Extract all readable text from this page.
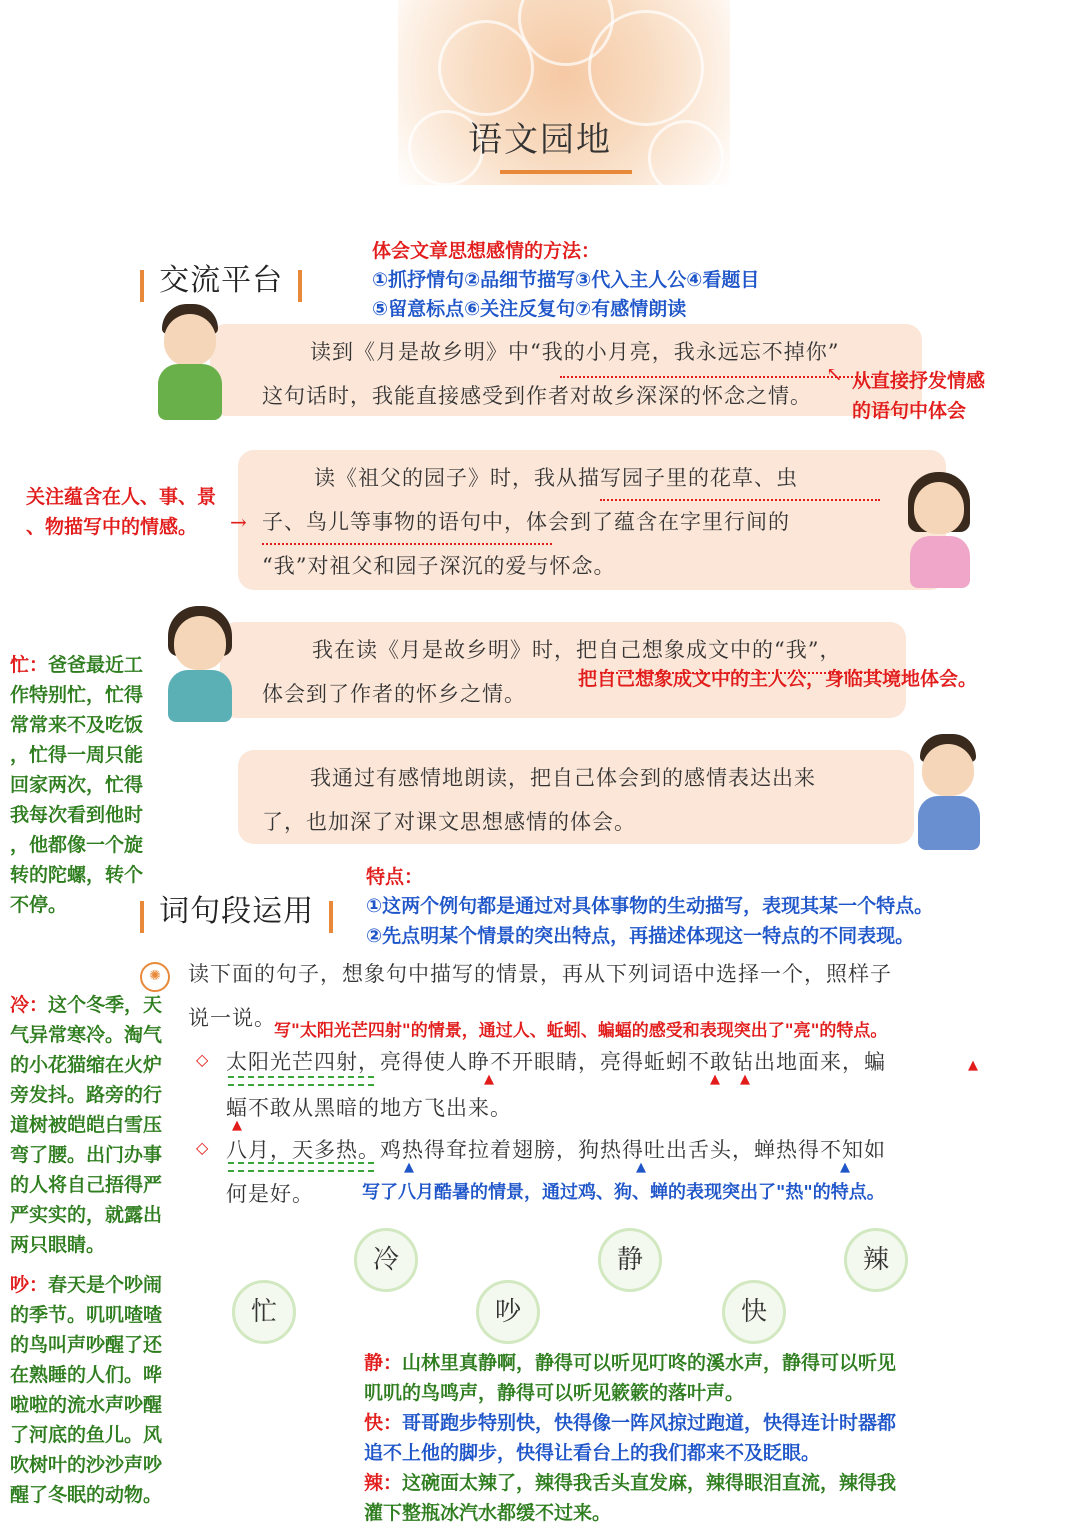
语文园地
交流平台
体会文章思想感情的方法：
①抓抒情句②品细节描写③代入主人公④看题目
⑤留意标点⑥关注反复句⑦有感情朗读
读到《月是故乡明》中“我的小月亮，我永远忘不掉你”
这句话时，我能直接感受到作者对故乡深深的怀念之情。
从直接抒发情感
的语句中体会
↖
读《祖父的园子》时，我从描写园子里的花草、虫
子、鸟儿等事物的语句中，体会到了蕴含在字里行间的
“我”对祖父和园子深沉的爱与怀念。
关注蕴含在人、事、景
、物描写中的情感。 →
我在读《月是故乡明》时，把自己想象成文中的“我”，
体会到了作者的怀乡之情。
把自己想象成文中的主人公，身临其境地体会。
我通过有感情地朗读，把自己体会到的感情表达出来
了，也加深了对课文思想感情的体会。
忙：爸爸最近工
作特别忙，忙得
常常来不及吃饭
，忙得一周只能
回家两次，忙得
我每次看到他时
，他都像一个旋
转的陀螺，转个
不停。	词句段运用
特点：
①这两个例句都是通过对具体事物的生动描写，表现其某一个特点。
②先点明某个情景的突出特点，再描述体现这一特点的不同表现。
✺	读下面的句子，想象句中描写的情景，再从下列词语中选择一个，照样子
说一说。
写"太阳光芒四射"的情景，通过人、蚯蚓、蝙蝠的感受和表现突出了"亮"的特点。
◇ 太阳光芒四射，亮得使人睁不开眼睛，亮得蚯蚓不敢钻出地面来，蝙
▲	▲ ▲
▲
蝠不敢从黑暗的地方飞出来。
▲
◇ 八月，天多热。鸡热得耷拉着翅膀，狗热得吐出舌头，蝉热得不知如
▲	▲	▲
何是好。	写了八月酷暑的情景，通过鸡、狗、蝉的表现突出了"热"的特点。
冷	静	辣
忙	吵	快
冷：这个冬季，天
气异常寒冷。淘气
的小花猫缩在火炉
旁发抖。路旁的行
道树被皑皑白雪压
弯了腰。出门办事
的人将自己捂得严
严实实的，就露出
两只眼睛。
吵：春天是个吵闹
的季节。叽叽喳喳
的鸟叫声吵醒了还
在熟睡的人们。哗
啦啦的流水声吵醒
了河底的鱼儿。风
吹树叶的沙沙声吵
醒了冬眠的动物。
静：山林里真静啊，静得可以听见叮咚的溪水声，静得可以听见
叽叽的鸟鸣声，静得可以听见簌簌的落叶声。
快：哥哥跑步特别快，快得像一阵风掠过跑道，快得连计时器都
追不上他的脚步，快得让看台上的我们都来不及眨眼。
辣：这碗面太辣了，辣得我舌头直发麻，辣得眼泪直流，辣得我
灌下整瓶冰汽水都缓不过来。
